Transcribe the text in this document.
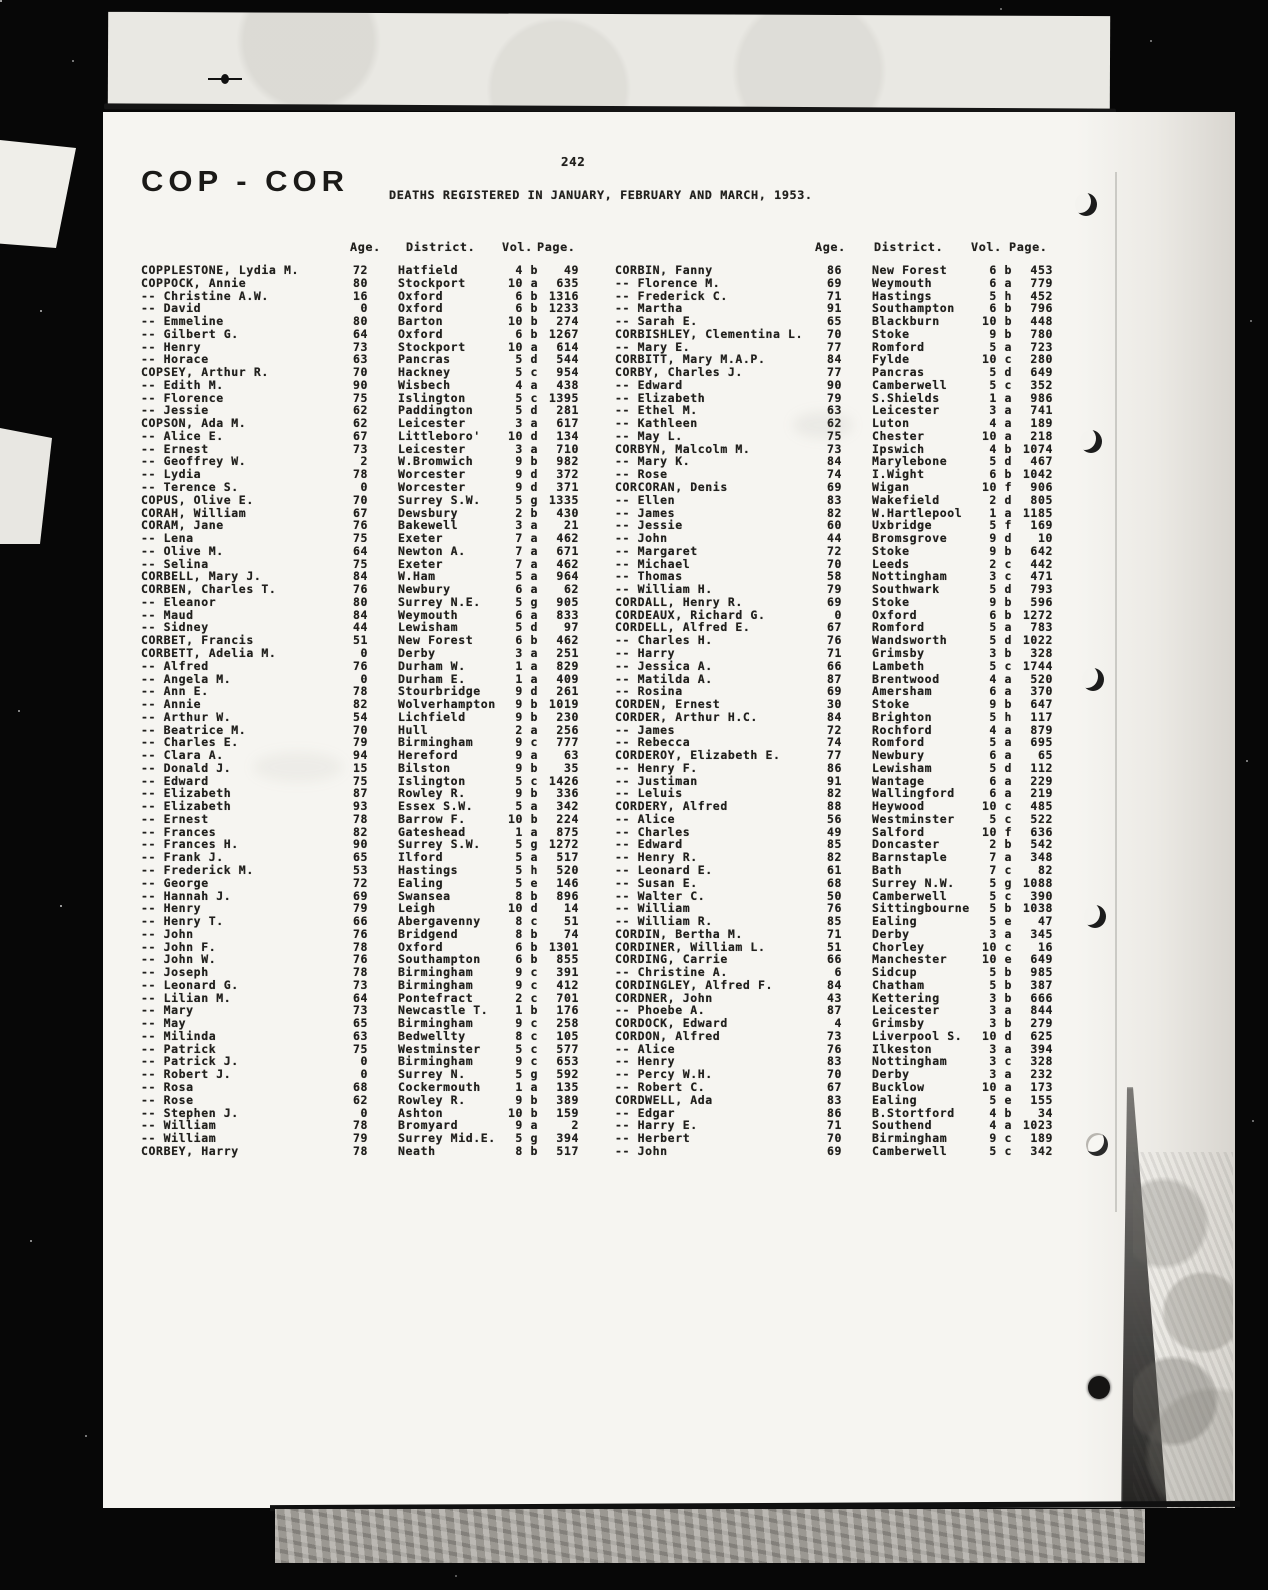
242
COP - COR	DEATHS REGISTERED IN JANUARY, FEBRUARY AND MARCH, 1953.
Age. District. Vol. Page.	Age. District. Vol. Page.
COPPLESTONE, Lydia M.	72	Hatfield	4 b	49
COPPOCK, Annie	80	Stockport	10 a	635
-- Christine A.W.	16	Oxford	6 b 1316
-- David	0	Oxford	6 b 1233
-- Emmeline	80	Barton	10 b	274
-- Gilbert G.	64	Oxford	6 b 1267
-- Henry	73	Stockport	10 a	614
-- Horace	63	Pancras	5 d	544
COPSEY, Arthur R.	70	Hackney	5 c	954
-- Edith M.	90	Wisbech	4 a	438
-- Florence	75	Islington	5 c 1395
-- Jessie	62	Paddington	5 d	281
COPSON, Ada M.	62	Leicester	3 a	617
-- Alice E.	67	Littleboro'	10 d	134
-- Ernest	73	Leicester	3 a	710
-- Geoffrey W.	2	W.Bromwich	9 b	982
-- Lydia	78	Worcester	9 d	372
-- Terence S.	0	Worcester	9 d	371
COPUS, Olive E.	70	Surrey S.W.	5 g 1335
CORAH, William	67	Dewsbury	2 b	430
CORAM, Jane	76	Bakewell	3 a	21
-- Lena	75	Exeter	7 a	462
-- Olive M.	64	Newton A.	7 a	671
-- Selina	75	Exeter	7 a	462
CORBELL, Mary J.	84	W.Ham	5 a	964
CORBEN, Charles T.	76	Newbury	6 a	62
-- Eleanor	80	Surrey N.E.	5 g	905
-- Maud	84	Weymouth	6 a	833
-- Sidney	44	Lewisham	5 d	97
CORBET, Francis	51	New Forest	6 b	462
CORBETT, Adelia M.	0	Derby	3 a	251
-- Alfred	76	Durham W.	1 a	829
-- Angela M.	0	Durham E.	1 a	409
-- Ann E.	78	Stourbridge	9 d	261
-- Annie	82	Wolverhampton	9 b 1019
-- Arthur W.	54	Lichfield	9 b	230
-- Beatrice M.	70	Hull	2 a	256
-- Charles E.	79	Birmingham	9 c	777
-- Clara A.	94	Hereford	9 a	63
-- Donald J.	15	Bilston	9 b	35
-- Edward	75	Islington	5 c 1426
-- Elizabeth	87	Rowley R.	9 b	336
-- Elizabeth	93	Essex S.W.	5 a	342
-- Ernest	78	Barrow F.	10 b	224
-- Frances	82	Gateshead	1 a	875
-- Frances H.	90	Surrey S.W.	5 g 1272
-- Frank J.	65	Ilford	5 a	517
-- Frederick M.	53	Hastings	5 h	520
-- George	72	Ealing	5 e	146
-- Hannah J.	69	Swansea	8 b	896
-- Henry	79	Leigh	10 d	14
-- Henry T.	66	Abergavenny	8 c	51
-- John	76	Bridgend	8 b	74
-- John F.	78	Oxford	6 b 1301
-- John W.	76	Southampton	6 b	855
-- Joseph	78	Birmingham	9 c	391
-- Leonard G.	73	Birmingham	9 c	412
-- Lilian M.	64	Pontefract	2 c	701
-- Mary	73	Newcastle T.	1 b	176
-- May	65	Birmingham	9 c	258
-- Milinda	63	Bedwellty	8 c	105
-- Patrick	75	Westminster	5 c	577
-- Patrick J.	0	Birmingham	9 c	653
-- Robert J.	0	Surrey N.	5 g	592
-- Rosa	68	Cockermouth	1 a	135
-- Rose	62	Rowley R.	9 b	389
-- Stephen J.	0	Ashton	10 b	159
-- William	78	Bromyard	9 a	2
-- William	79	Surrey Mid.E.	5 g	394
CORBEY, Harry	78	Neath	8 b	517
CORBIN, Fanny	86	New Forest	6 b	453
-- Florence M.	69	Weymouth	6 a	779
-- Frederick C.	71	Hastings	5 h	452
-- Martha	91	Southampton	6 b	796
-- Sarah E.	65	Blackburn	10 b	448
CORBISHLEY, Clementina L.	70	Stoke	9 b	780
-- Mary E.	77	Romford	5 a	723
CORBITT, Mary M.A.P.	84	Fylde	10 c	280
CORBY, Charles J.	77	Pancras	5 d	649
-- Edward	90	Camberwell	5 c	352
-- Elizabeth	79	S.Shields	1 a	986
-- Ethel M.	63	Leicester	3 a	741
-- Kathleen	62	Luton	4 a	189
-- May L.	75	Chester	10 a	218
CORBYN, Malcolm M.	73	Ipswich	4 b 1074
-- Mary K.	84	Marylebone	5 d	467
-- Rose	74	I.Wight	6 b 1042
CORCORAN, Denis	69	Wigan	10 f	906
-- Ellen	83	Wakefield	2 d	805
-- James	82	W.Hartlepool	1 a 1185
-- Jessie	60	Uxbridge	5 f	169
-- John	44	Bromsgrove	9 d	10
-- Margaret	72	Stoke	9 b	642
-- Michael	70	Leeds	2 c	442
-- Thomas	58	Nottingham	3 c	471
-- William H.	79	Southwark	5 d	793
CORDALL, Henry R.	69	Stoke	9 b	596
CORDEAUX, Richard G.	0	Oxford	6 b 1272
CORDELL, Alfred E.	67	Romford	5 a	783
-- Charles H.	76	Wandsworth	5 d 1022
-- Harry	71	Grimsby	3 b	328
-- Jessica A.	66	Lambeth	5 c 1744
-- Matilda A.	87	Brentwood	4 a	520
-- Rosina	69	Amersham	6 a	370
CORDEN, Ernest	30	Stoke	9 b	647
CORDER, Arthur H.C.	84	Brighton	5 h	117
-- James	72	Rochford	4 a	879
-- Rebecca	74	Romford	5 a	695
CORDEROY, Elizabeth E.	77	Newbury	6 a	65
-- Henry F.	86	Lewisham	5 d	112
-- Justiman	91	Wantage	6 a	229
-- Leluis	82	Wallingford	6 a	219
CORDERY, Alfred	88	Heywood	10 c	485
-- Alice	56	Westminster	5 c	522
-- Charles	49	Salford	10 f	636
-- Edward	85	Doncaster	2 b	542
-- Henry R.	82	Barnstaple	7 a	348
-- Leonard E.	61	Bath	7 c	82
-- Susan E.	68	Surrey N.W.	5 g 1088
-- Walter C.	50	Camberwell	5 c	390
-- William	76	Sittingbourne	5 b 1038
-- William R.	85	Ealing	5 e	47
CORDIN, Bertha M.	71	Derby	3 a	345
CORDINER, William L.	51	Chorley	10 c	16
CORDING, Carrie	66	Manchester	10 e	649
-- Christine A.	6	Sidcup	5 b	985
CORDINGLEY, Alfred F.	84	Chatham	5 b	387
CORDNER, John	43	Kettering	3 b	666
-- Phoebe A.	87	Leicester	3 a	844
CORDOCK, Edward	4	Grimsby	3 b	279
CORDON, Alfred	73	Liverpool S.	10 d	625
-- Alice	76	Ilkeston	3 a	394
-- Henry	83	Nottingham	3 c	328
-- Percy W.H.	70	Derby	3 a	232
-- Robert C.	67	Bucklow	10 a	173
CORDWELL, Ada	83	Ealing	5 e	155
-- Edgar	86	B.Stortford	4 b	34
-- Harry E.	71	Southend	4 a 1023
-- Herbert	70	Birmingham	9 c	189
-- John	69	Camberwell	5 c	342
